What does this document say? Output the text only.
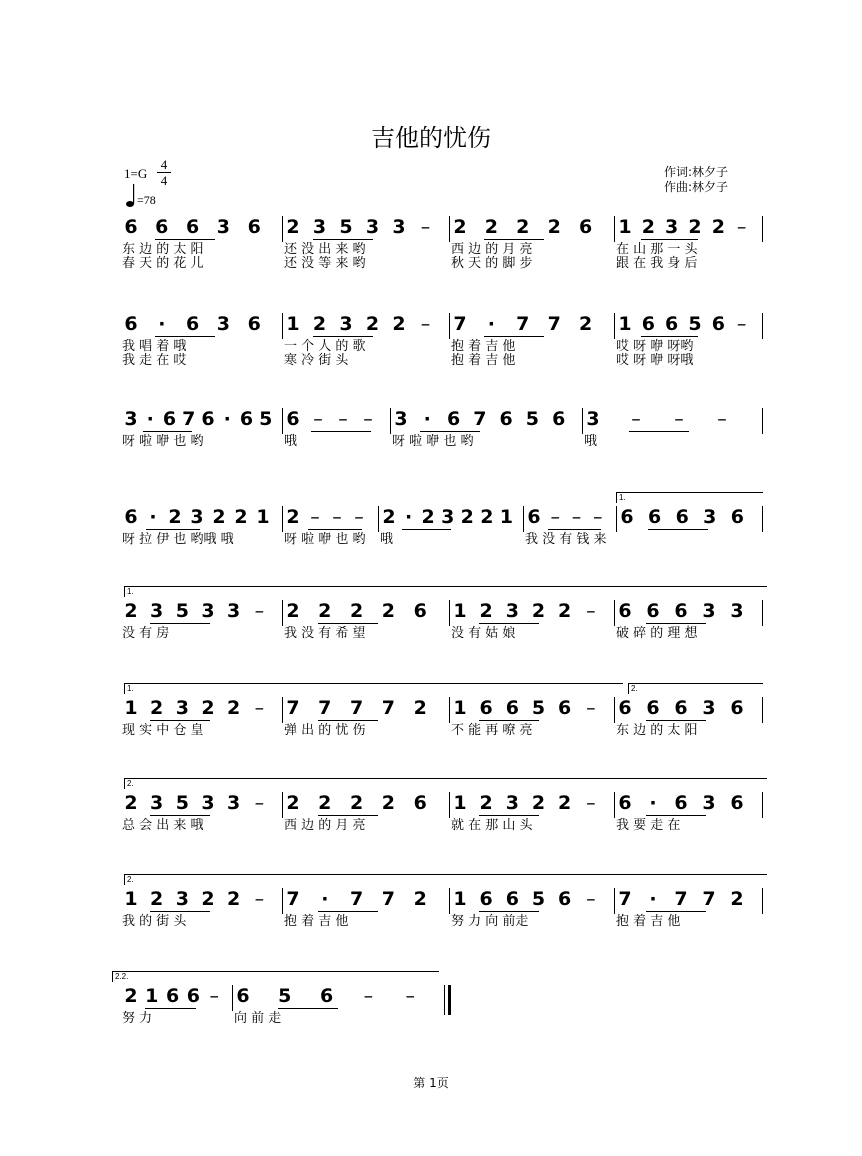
吉他的忧伤
1=G
4
4
=78
作词:林夕子
作曲:林夕子
6 6 6 3 6 2 3 5 3 3 – 2 2 2 2 6 1 2 3 2 2 –
东 边 的 太 阳	还 没 出 来 哟	西 边 的 月 亮	在 山 那 一 头
春 天 的 花 儿	还 没 等 来 哟	秋 天 的 脚 步	跟 在 我 身 后
6 · 6 3 6 1 2 3 2 2 – 7 · 7 7 2 1 6 6 5 6 –
我 唱 着 哦	一 个 人 的 歌	抱 着 吉 他	哎 呀 咿 呀哟
我 走 在 哎	寒 冷 街 头	抱 着 吉 他	哎 呀 咿 呀哦
3 · 6 7 6 · 6 5 6 – – – 3 · 6 7 6 5 6 3 – – –
呀 啦 咿 也 哟	哦	呀 啦 咿 也 哟	哦
6 · 2 3 2 2 1 2 – – – 2 · 2 3 2 2 1 6 – – – 6 6 6 3 6
呀 拉 伊 也 哟哦 哦	呀 啦 咿 也 哟 哦	我 没 有 钱 来
1.
2 3 5 3 3 – 2 2 2 2 6 1 2 3 2 2 – 6 6 6 3 3
没 有 房	我 没 有 希 望	没 有 姑 娘	破 碎 的 理 想
1.
1 2 3 2 2 – 7 7 7 7 2 1 6 6 5 6 – 6 6 6 3 6
现 实 中 仓 皇	弹 出 的 忧 伤	不 能 再 嘹 亮	东 边 的 太 阳
1.	2.
2 3 5 3 3 – 2 2 2 2 6 1 2 3 2 2 – 6 · 6 3 6
总 会 出 来 哦	西 边 的 月 亮	就 在 那 山 头	我 要 走 在
2.
1 2 3 2 2 – 7 · 7 7 2 1 6 6 5 6 – 7 · 7 7 2
我 的 街 头	抱 着 吉 他	努 力 向 前走	抱 着 吉 他
2.
2 1 6 6 – 6 5 6 – –
努 力	向 前 走
2.2.
第 1页
